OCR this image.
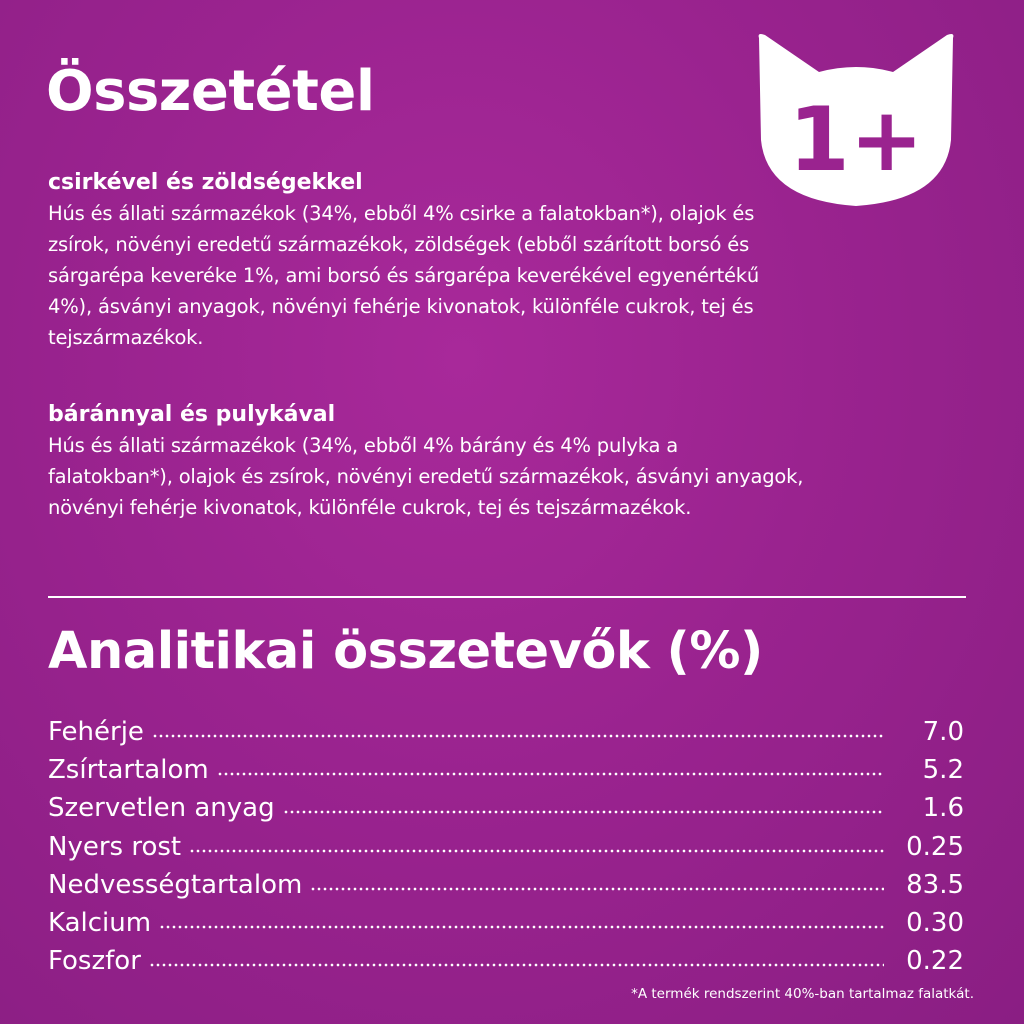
Összetétel	1+
csirkével és zöldségekkel

Hús és állati származékok (34%, ebből 4% csirke a falatokban*), olajok és zsírok, növényi eredetű származékok, zöldségek (ebből szárított borsó és sárgarépa keveréke 1%, ami borsó és sárgarépa keverékével egyenértékű 4%), ásványi anyagok, növényi fehérje kivonatok, különféle cukrok, tej és tejszármazékok.

báránnyal és pulykával

Hús és állati származékok (34%, ebből 4% bárány és 4% pulyka a falatokban*), olajok és zsírok, növényi eredetű származékok, ásványi anyagok, növényi fehérje kivonatok, különféle cukrok, tej és tejszármazékok.

Analitikai összetevők (%)
Fehérje	7.0
Zsírtartalom	5.2
Szervetlen anyag	1.6
Nyers rost	0.25
Nedvességtartalom	83.5
Kalcium	0.30
Foszfor	0.22

*A termék rendszerint 40%-ban tartalmaz falatkát.
